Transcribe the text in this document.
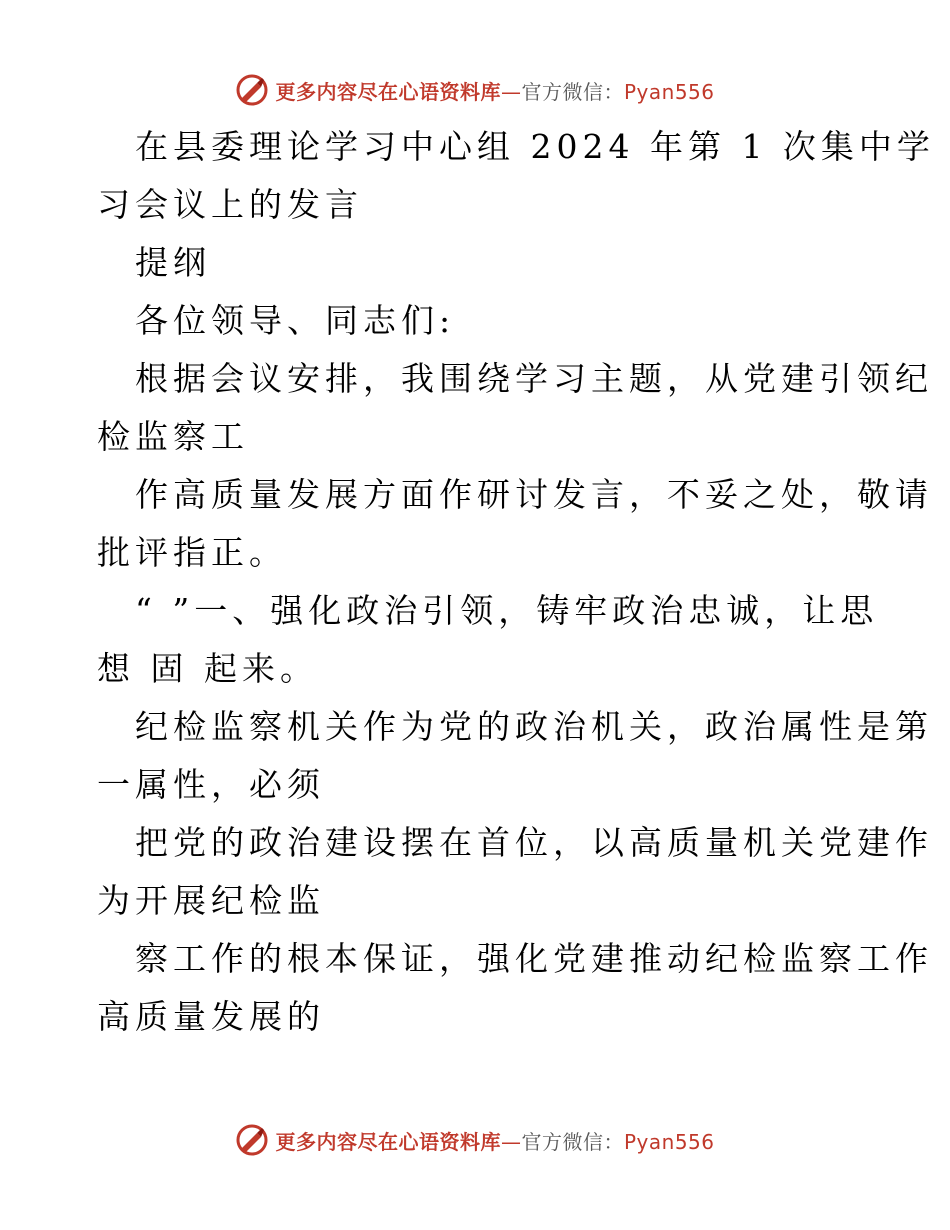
更多内容尽在心语资料库—官方微信：Pyan556
在县委理论学习中心组 2024 年第 1 次集中学
习会议上的发言
提纲
各位领导、同志们:
根据会议安排，我围绕学习主题，从党建引领纪
检监察工
作高质量发展方面作研讨发言，不妥之处，敬请
批评指正。
“ ”一、强化政治引领，铸牢政治忠诚，让思
想 固 起来。
纪检监察机关作为党的政治机关，政治属性是第
一属性，必须
把党的政治建设摆在首位，以高质量机关党建作
为开展纪检监
察工作的根本保证，强化党建推动纪检监察工作
高质量发展的
更多内容尽在心语资料库—官方微信：Pyan556
